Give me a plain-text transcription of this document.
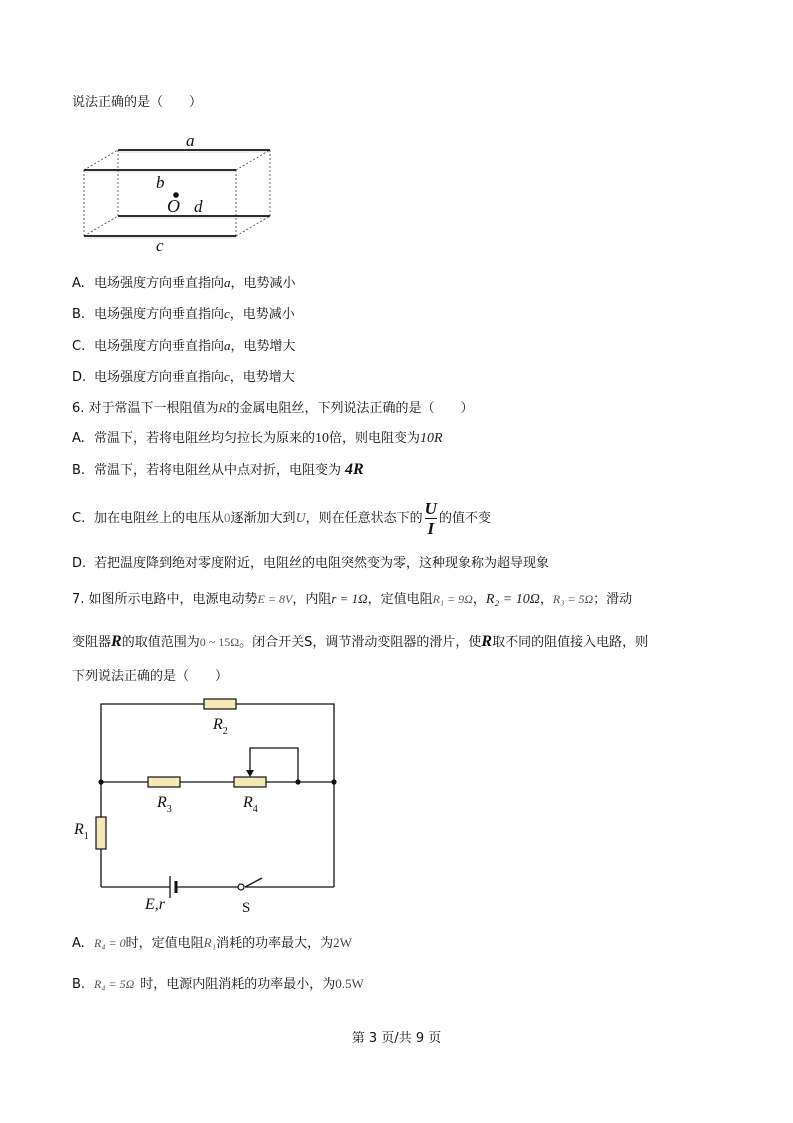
说法正确的是（　　）
a
b
O d
c
A. 电场强度方向垂直指向a，电势减小
B. 电场强度方向垂直指向c，电势减小
C. 电场强度方向垂直指向a，电势增大
D. 电场强度方向垂直指向c，电势增大
6. 对于常温下一根阻值为R的金属电阻丝，下列说法正确的是（　　）
A. 常温下，若将电阻丝均匀拉长为原来的10倍，则电阻变为10R
B. 常温下，若将电阻丝从中点对折，电阻变为 4R
C. 加在电阻丝上的电压从0逐渐加大到U，则在任意状态下的 $\frac{U}{I}$ 的值不变
D. 若把温度降到绝对零度附近，电阻丝的电阻突然变为零，这种现象称为超导现象
7. 如图所示电路中，电源电动势E = 8V，内阻r = 1Ω，定值电阻R₁ = 9Ω，R₂ = 10Ω，R₃ = 5Ω；滑动
变阻器R的取值范围为0 ~ 15Ω。闭合开关S，调节滑动变阻器的滑片，使R取不同的阻值接入电路，则
下列说法正确的是（　　）
$R_2$
$R_3$	$R_4$
$R_1$
E,r	S
A. R₄ = 0时，定值电阻R₁消耗的功率最大，为2W
B. R₄ = 5Ω 时，电源内阻消耗的功率最小，为0.5W
第 3 页/共 9 页
